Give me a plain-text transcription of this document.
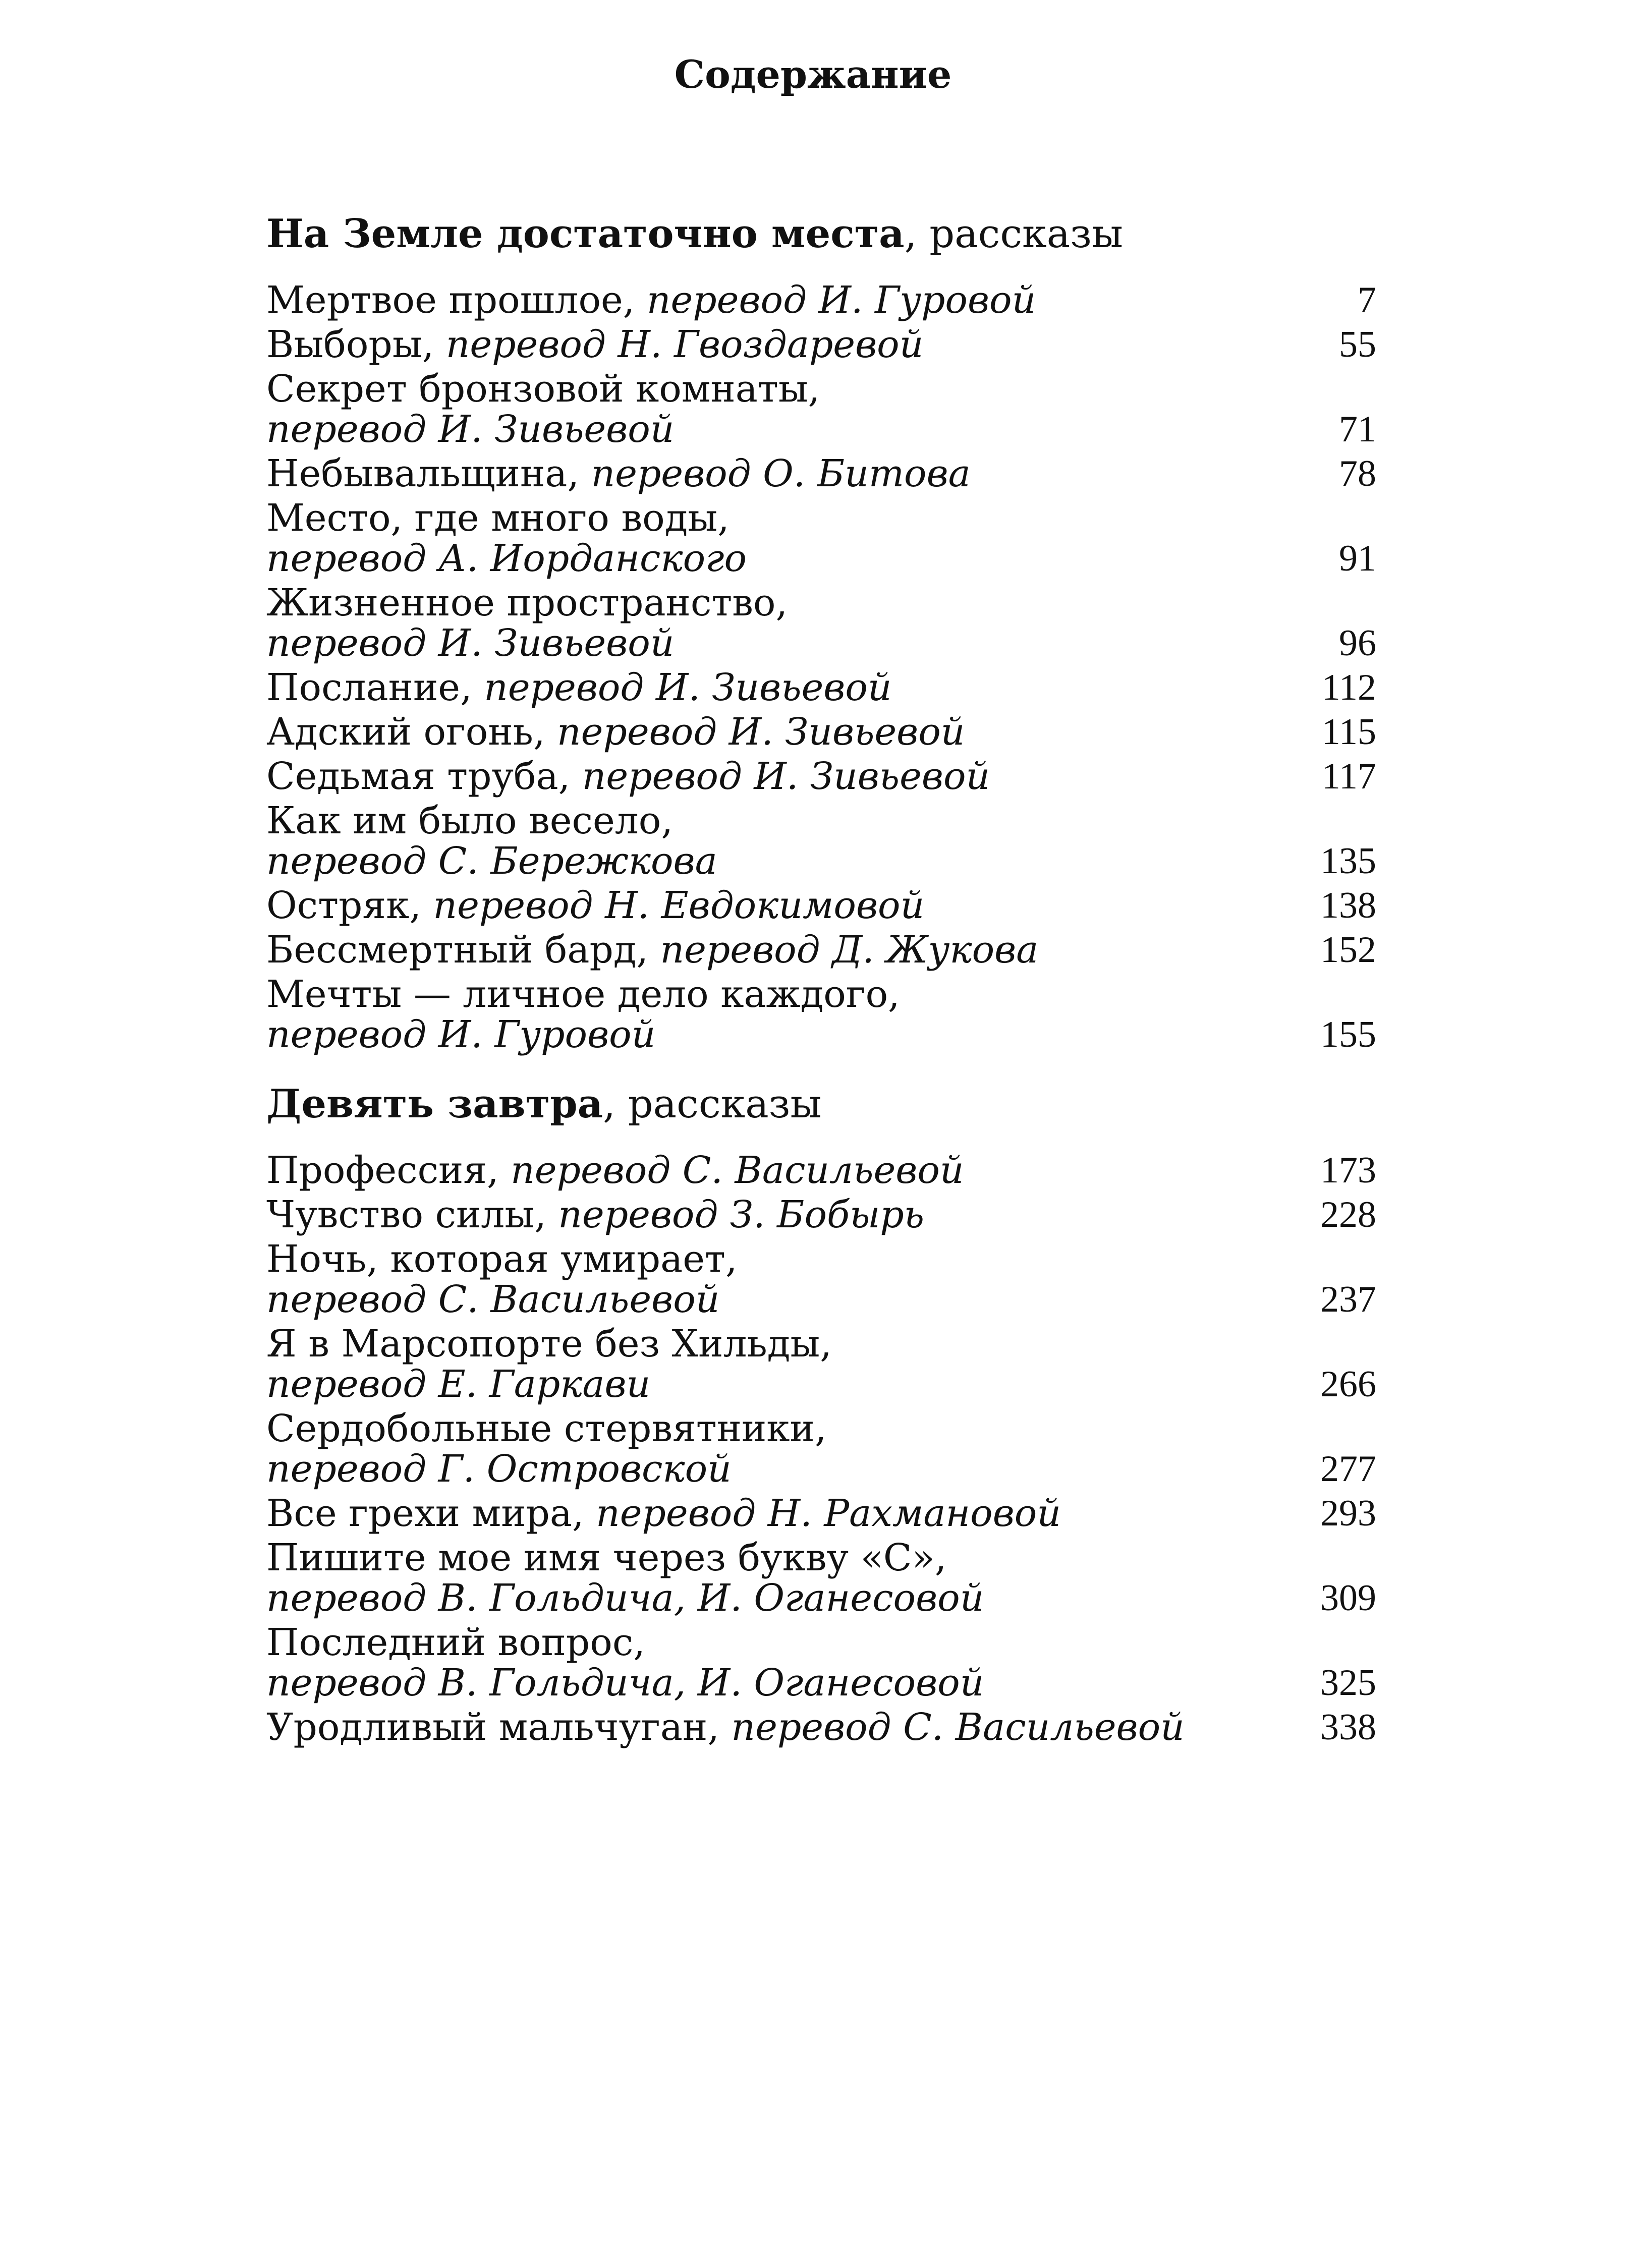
Содержание
На Земле достаточно места, рассказы
Мертвое прошлое, перевод И. Гуровой	7
Выборы, перевод Н. Гвоздаревой	55
Секрет бронзовой комнаты,
перевод И. Зивьевой	71
Небывальщина, перевод О. Битова	78
Место, где много воды,
перевод А. Иорданского	91
Жизненное пространство,
перевод И. Зивьевой	96
Послание, перевод И. Зивьевой	112
Адский огонь, перевод И. Зивьевой	115
Седьмая труба, перевод И. Зивьевой	117
Как им было весело,
перевод С. Бережкова	135
Остряк, перевод Н. Евдокимовой	138
Бессмертный бард, перевод Д. Жукова	152
Мечты — личное дело каждого,
перевод И. Гуровой	155
Девять завтра, рассказы
Профессия, перевод С. Васильевой	173
Чувство силы, перевод З. Бобырь	228
Ночь, которая умирает,
перевод С. Васильевой	237
Я в Марсопорте без Хильды,
перевод Е. Гаркави	266
Сердобольные стервятники,
перевод Г. Островской	277
Все грехи мира, перевод Н. Рахмановой	293
Пишите мое имя через букву «С»,
перевод В. Гольдича, И. Оганесовой	309
Последний вопрос,
перевод В. Гольдича, И. Оганесовой	325
Уродливый мальчуган, перевод С. Васильевой	338
